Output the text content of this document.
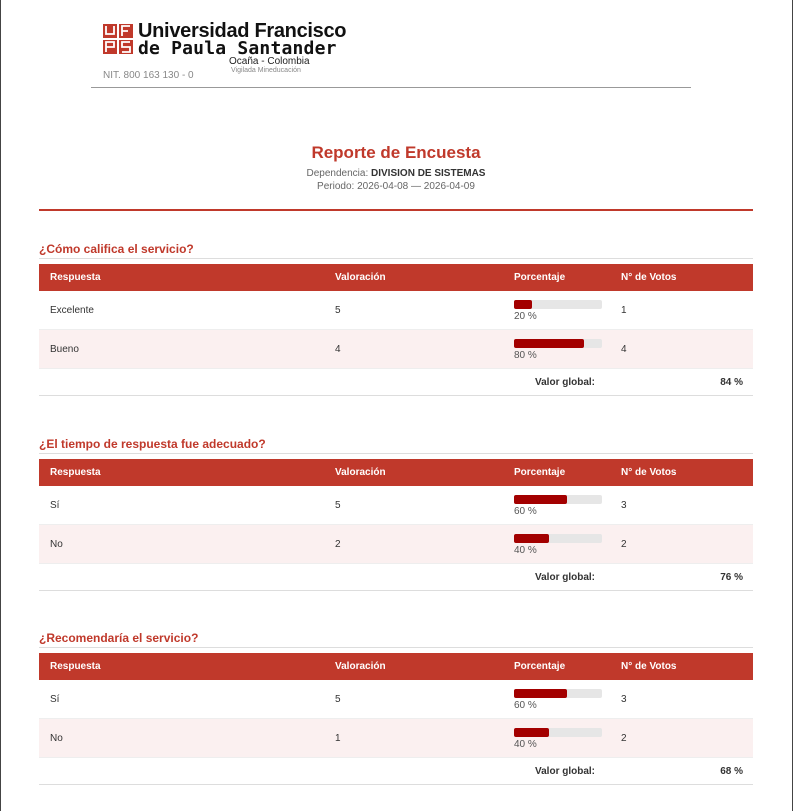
Universidad Francisco
de Paula Santander
Ocaña - Colombia
Vigilada Mineducación
NIT. 800 163 130 - 0
Reporte de Encuesta
Dependencia: DIVISION DE SISTEMAS
Periodo: 2026-04-08 — 2026-04-09
¿Cómo califica el servicio?
Respuesta	Valoración	Porcentaje	N° de Votos
Excelente	5	20 %	1
Bueno	4	80 %	4
		Valor global:	84 %
¿El tiempo de respuesta fue adecuado?
Respuesta	Valoración	Porcentaje	N° de Votos
Sí	5	60 %	3
No	2	40 %	2
		Valor global:	76 %
¿Recomendaría el servicio?
Respuesta	Valoración	Porcentaje	N° de Votos
Sí	5	60 %	3
No	1	40 %	2
		Valor global:	68 %
